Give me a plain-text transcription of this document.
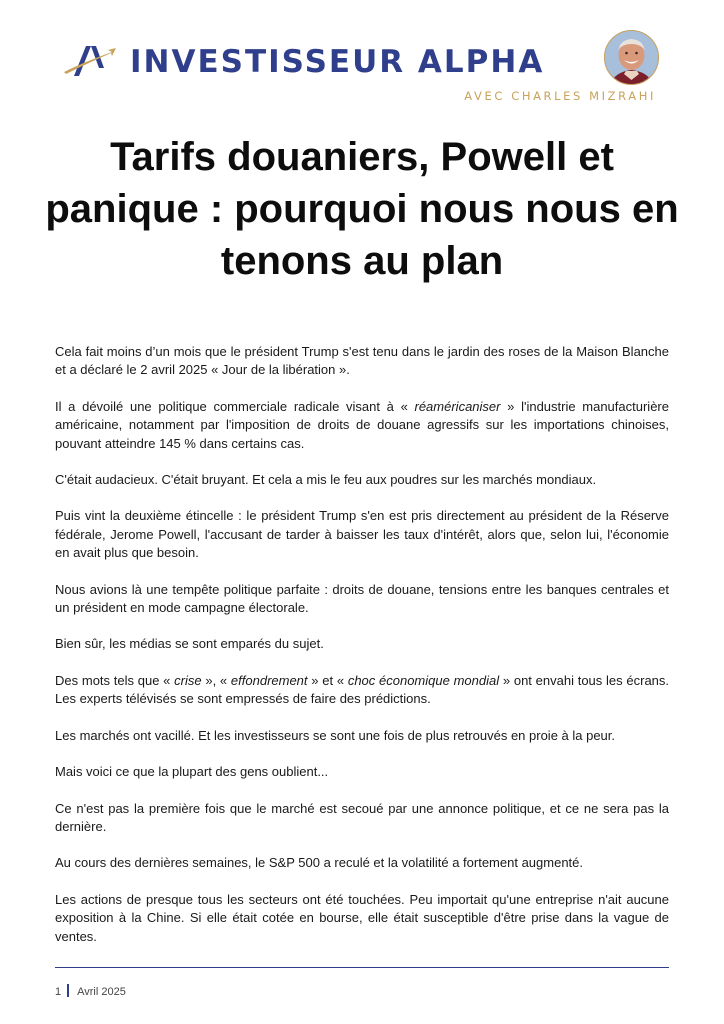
INVESTISSEUR ALPHA
AVEC CHARLES MIZRAHI
Tarifs douaniers, Powell et panique : pourquoi nous nous en tenons au plan

Cela fait moins d’un mois que le président Trump s'est tenu dans le jardin des roses de la Maison Blanche et a déclaré le 2 avril 2025 « Jour de la libération ».

Il a dévoilé une politique commerciale radicale visant à « réaméricaniser » l'industrie manufacturière américaine, notamment par l'imposition de droits de douane agressifs sur les importations chinoises, pouvant atteindre 145 % dans certains cas.

C'était audacieux. C'était bruyant. Et cela a mis le feu aux poudres sur les marchés mondiaux.

Puis vint la deuxième étincelle : le président Trump s'en est pris directement au président de la Réserve fédérale, Jerome Powell, l'accusant de tarder à baisser les taux d'intérêt, alors que, selon lui, l'économie en avait plus que besoin.

Nous avions là une tempête politique parfaite : droits de douane, tensions entre les banques centrales et un président en mode campagne électorale.

Bien sûr, les médias se sont emparés du sujet.

Des mots tels que « crise », « effondrement » et « choc économique mondial » ont envahi tous les écrans. Les experts télévisés se sont empressés de faire des prédictions.

Les marchés ont vacillé. Et les investisseurs se sont une fois de plus retrouvés en proie à la peur.

Mais voici ce que la plupart des gens oublient...

Ce n'est pas la première fois que le marché est secoué par une annonce politique, et ce ne sera pas la dernière.

Au cours des dernières semaines, le S&P 500 a reculé et la volatilité a fortement augmenté.

Les actions de presque tous les secteurs ont été touchées. Peu importait qu'une entreprise n'ait aucune exposition à la Chine. Si elle était cotée en bourse, elle était susceptible d'être prise dans la vague de ventes.

1 Avril 2025
